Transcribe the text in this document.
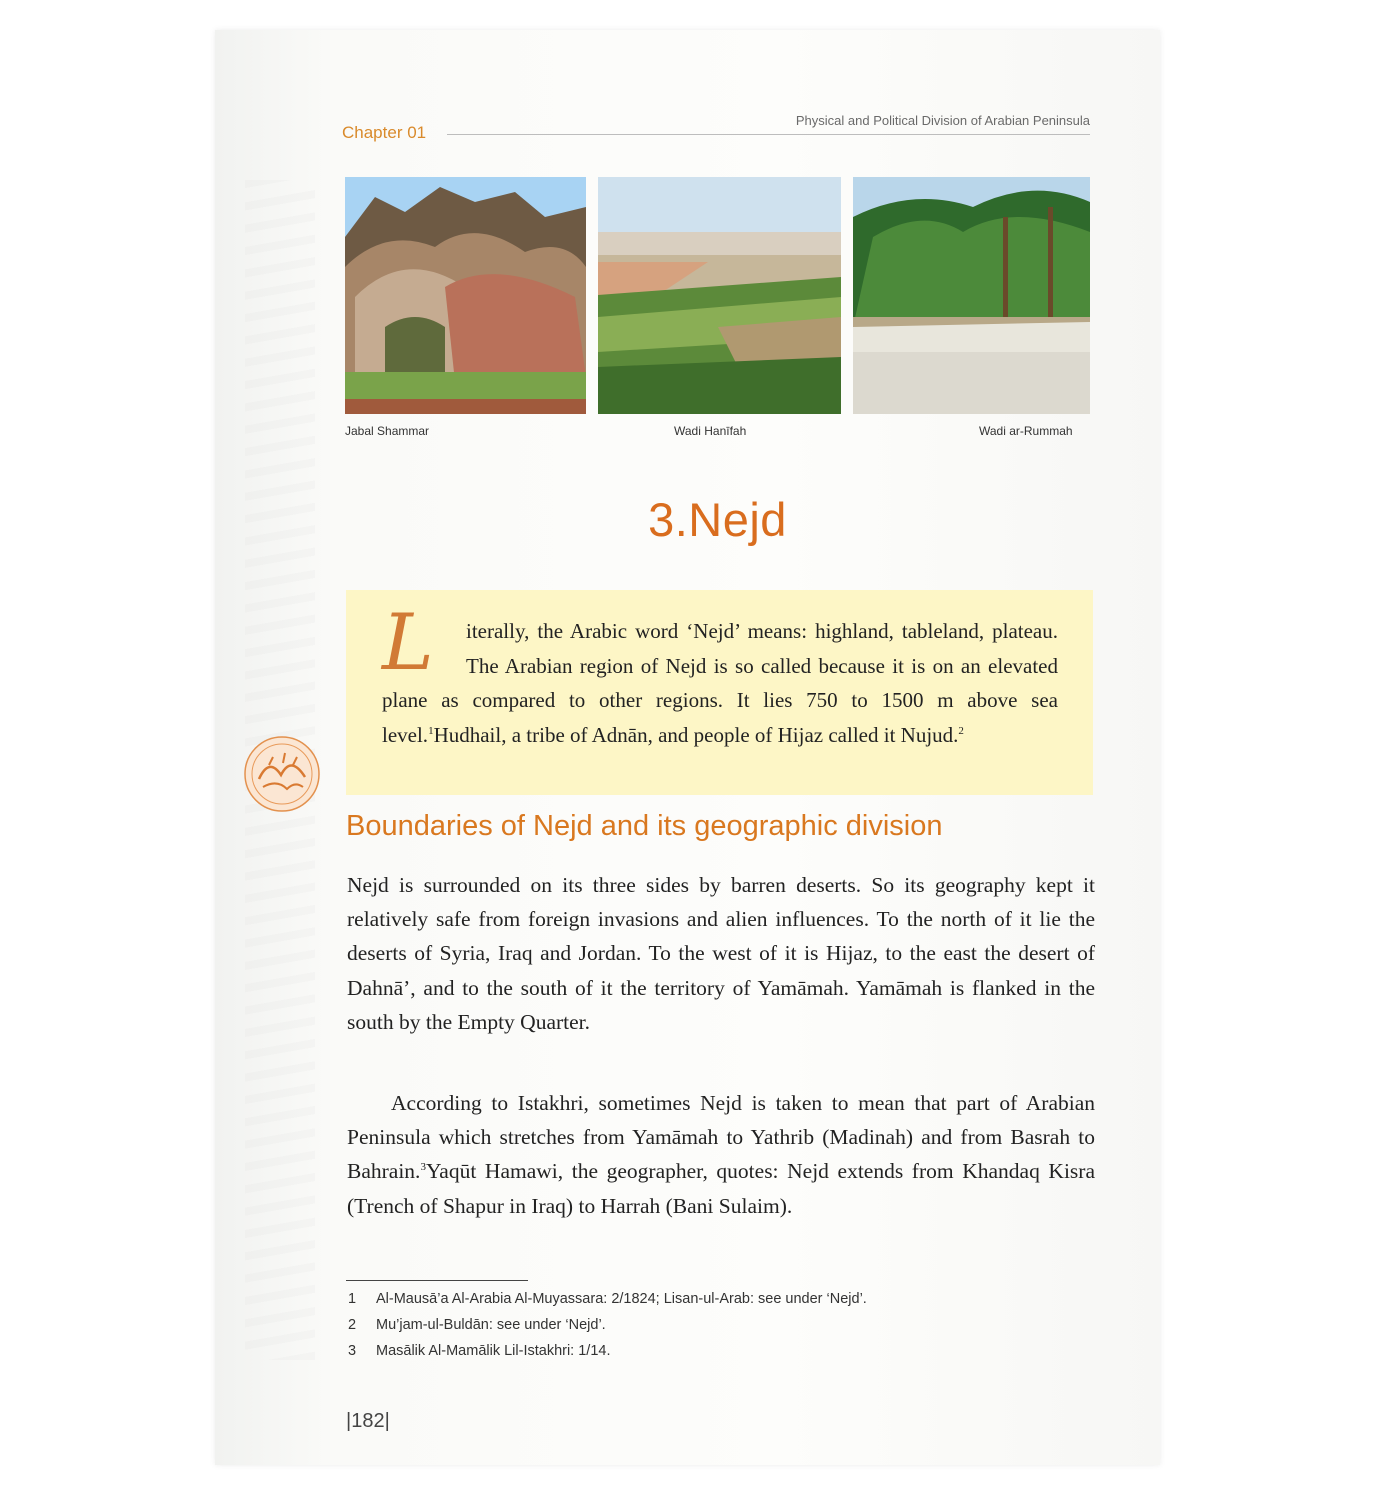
Chapter 01
Physical and Political Division of Arabian Peninsula
Jabal Shammar	Wadi Hanīfah	Wadi ar-Rummah
3.Nejd
L	iterally, the Arabic word ‘Nejd’ means: highland, tableland, plateau. The Arabian region of Nejd is so called because it is on an elevated plane as compared to other regions. It lies 750 to 1500 m above sea level.$^1$Hudhail, a tribe of Adnān, and people of Hijaz called it Nujud.$^2$
Boundaries of Nejd and its geographic division

Nejd is surrounded on its three sides by barren deserts. So its geography kept it relatively safe from foreign invasions and alien influences. To the north of it lie the deserts of Syria, Iraq and Jordan. To the west of it is Hijaz, to the east the desert of Dahnā’, and to the south of it the territory of Yamāmah. Yamāmah is flanked in the south by the Empty Quarter.

According to Istakhri, sometimes Nejd is taken to mean that part of Arabian Peninsula which stretches from Yamāmah to Yathrib (Madinah) and from Basrah to Bahrain.$^3$Yaqūt Hamawi, the geographer, quotes: Nejd extends from Khandaq Kisra (Trench of Shapur in Iraq) to Harrah (Bani Sulaim).

1	Al-Mausā’a Al-Arabia Al-Muyassara: 2/1824; Lisan-ul-Arab: see under ‘Nejd’.
2	Mu’jam-ul-Buldān: see under ‘Nejd’.
3	Masālik Al-Mamālik Lil-Istakhri: 1/14.
|182|
